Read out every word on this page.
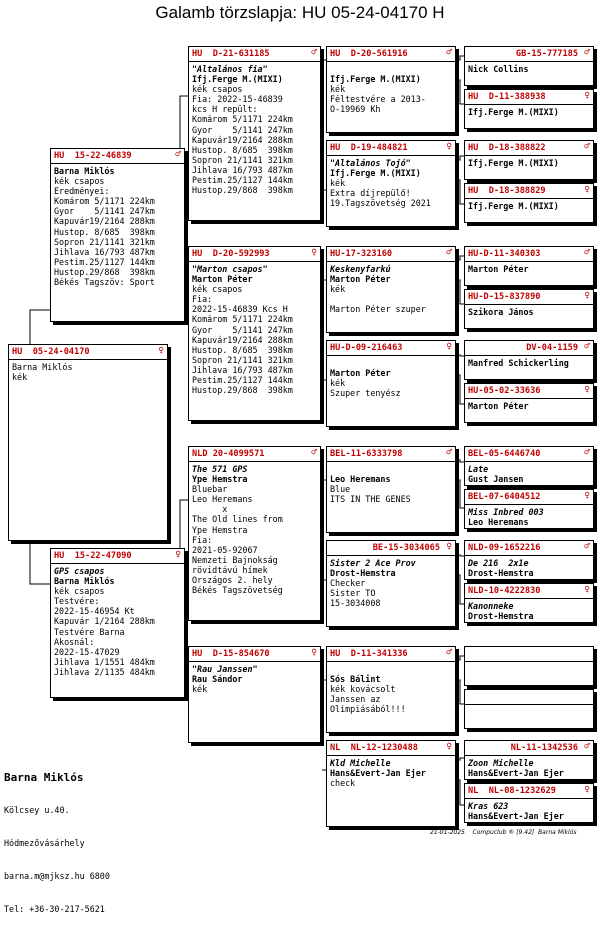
Galamb törzslapja: HU 05-24-04170 H
HU  05-24-04170	♀
Barna Miklós
kék
HU  15-22-46839	♂
Barna Miklós
kék csapos
Eredményei:
Komárom 5/1171 224km
Gyor    5/1141 247km
Kapuvár19/2164 288km
Hustop. 8/685  398km
Sopron 21/1141 321km
Jihlava 16/793 487km
Pestim.25/1127 144km
Hustop.29/868  398km
Békés Tagszöv: Sport
HU  15-22-47090	♀
GPS csapos
Barna Miklós
kék csapos
Testvére:
2022-15-46954 Kt
Kapuvár 1/2164 288km
Testvére Barna
Akosnál:
2022-15-47029
Jihlava 1/1551 484km
Jihlava 2/1135 484km
HU  D-21-631185	♂
"Altalános fia"
Ifj.Ferge M.(MIXI)
kék csapos
Fia: 2022-15-46839
kcs H repült:
Komárom 5/1171 224km
Gyor    5/1141 247km
Kapuvár19/2164 288km
Hustop. 8/685  398km
Sopron 21/1141 321km
Jihlava 16/793 487km
Pestim.25/1127 144km
Hustop.29/868  398km
HU  D-20-592993	♀
"Marton csapos"
Marton Péter
kék csapos
Fia:
2022-15-46839 Kcs H
Komárom 5/1171 224km
Gyor    5/1141 247km
Kapuvár19/2164 288km
Hustop. 8/685  398km
Sopron 21/1141 321km
Jihlava 16/793 487km
Pestim.25/1127 144km
Hustop.29/868  398km
NLD 20-4099571	♂
The 571 GPS
Ype Hemstra
Bluebar
Leo Heremans
x
The Old lines from
Ype Hemstra
Fia:
2021-05-92067
Nemzeti Bajnokság
rövidtávú hímek
Országos 2. hely
Békés Tagszövetség
HU  D-15-854670	♀
"Rau Janssen"
Rau Sándor
kék
HU  D-20-561916	♂
Ifj.Ferge M.(MIXI)
kék
Féltestvére a 2013-
O-19969 Kh
HU  D-19-484821	♀
"Altalános Tojó"
Ifj.Ferge M.(MIXI)
kék
Extra díjrepülő!
19.Tagszövetség 2021
HU-17-323160	♂
Keskenyfarkú
Marton Péter
kék
Marton Péter szuper
HU-D-09-216463	♀
Marton Péter
kék
Szuper tenyész
BEL-11-6333798	♂
Leo Heremans
Blue
ITS IN THE GENES
BE-15-3034065 ♀
Sister 2 Ace Prov
Drost-Hemstra
Checker
Sister TO
15-3034008
HU  D-11-341336	♂
Sós Bálint
kék kovácsolt
Janssen az
Olimpiásából!!!
NL  NL-12-1230488	♀
Kld Michelle
Hans&Evert-Jan Ejer
check
GB-15-777185 ♂
Nick Collins
HU  D-11-388938	♀
Ifj.Ferge M.(MIXI)
HU  D-18-388822	♂
Ifj.Ferge M.(MIXI)
HU  D-18-388829	♀
Ifj.Ferge M.(MIXI)
HU-D-11-340303	♂
Marton Péter
HU-D-15-837890	♀
Szikora János
DV-04-1159 ♂
Manfred Schickerling
HU-05-02-33636	♀
Marton Péter
BEL-05-6446740	♂
Late
Gust Jansen
BEL-07-6404512	♀
Miss Inbred 003
Leo Heremans
NLD-09-1652216	♂
De 216  2x1e
Drost-Hemstra
NLD-10-4222830	♀
Kanonneke
Drost-Hemstra
NL-11-1342536 ♂
Zoon Michelle
Hans&Evert-Jan Ejer
NL  NL-08-1232629	♀
Kras 623
Hans&Evert-Jan Ejer

Barna Miklós

Kölcsey u.40.

Hódmezővásárhely

barna.m@mjksz.hu 6800

Tel: +36-30-217-5621

21-01-2025    Compuclub ® [9.42]  Barna Miklós
